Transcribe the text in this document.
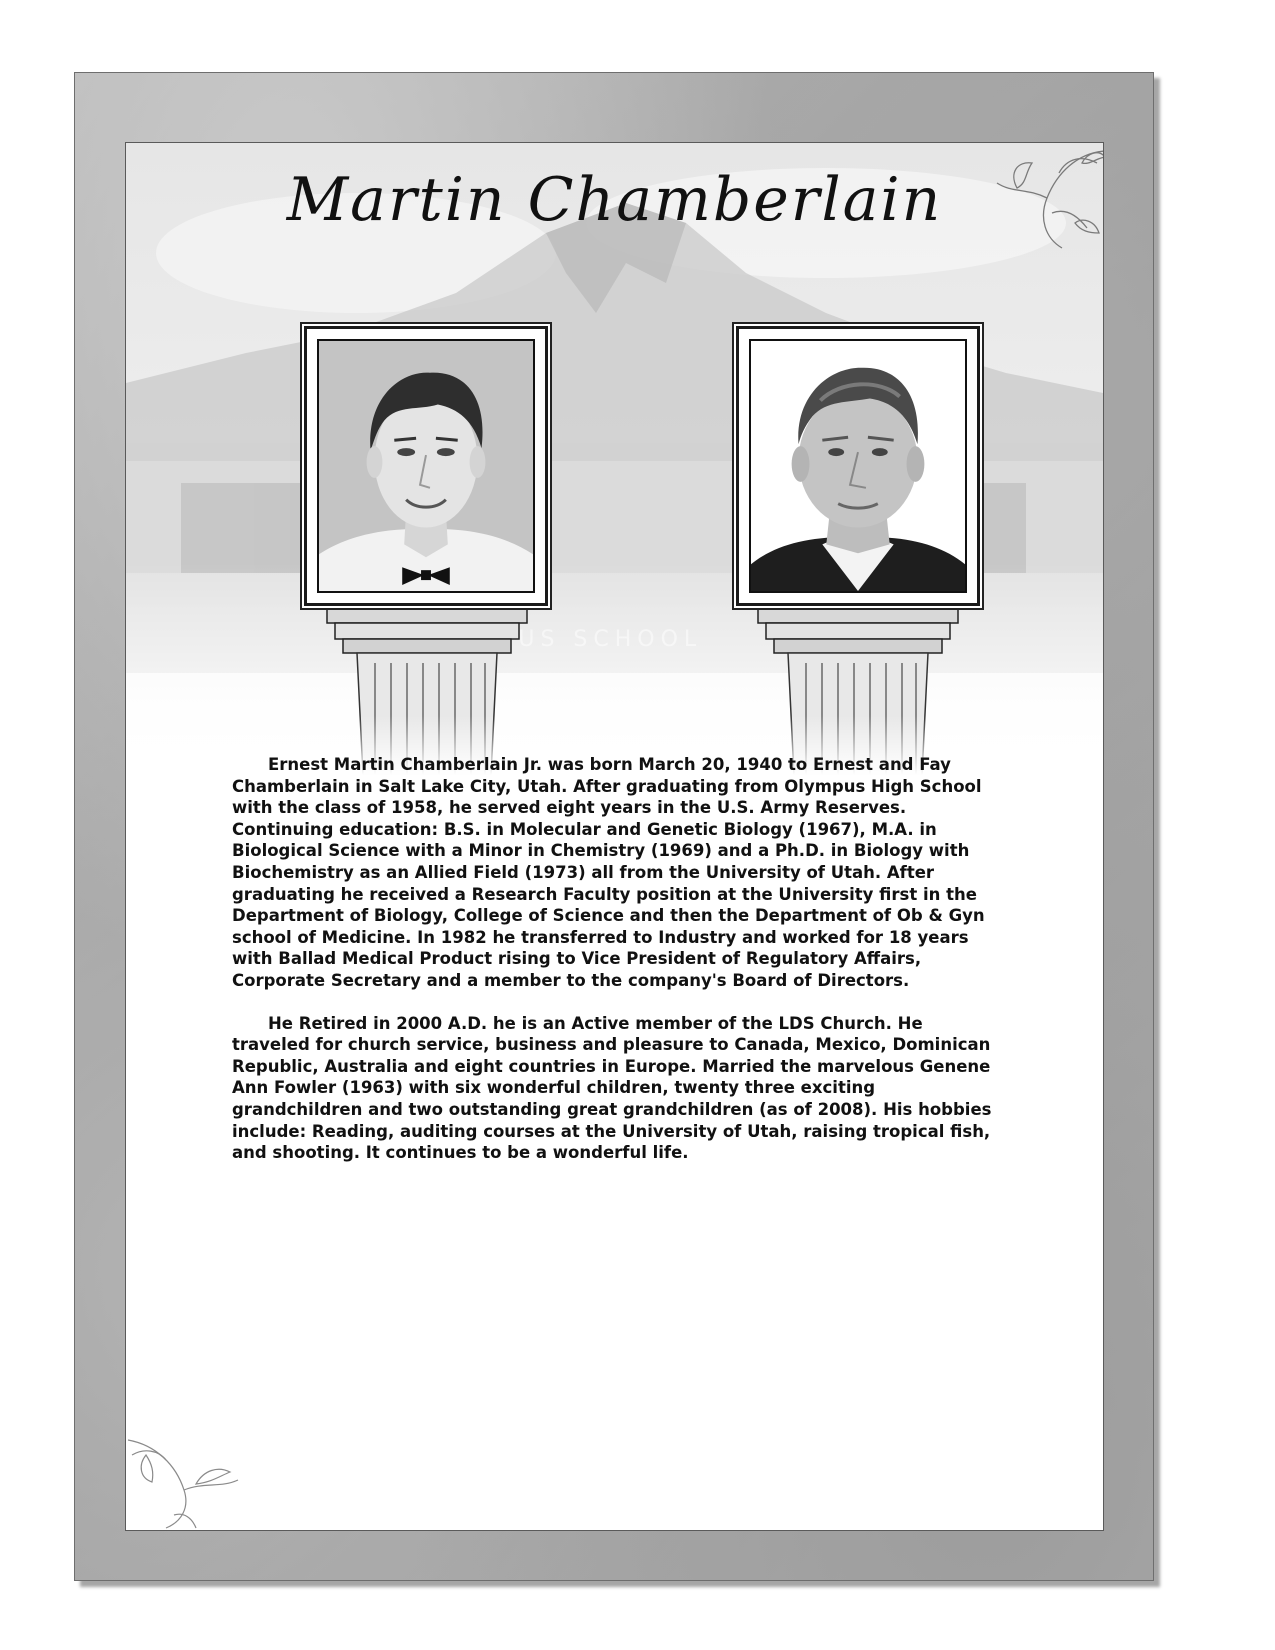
Martin Chamberlain

Ernest Martin Chamberlain Jr. was born March 20, 1940 to Ernest and Fay Chamberlain in Salt Lake City, Utah. After graduating from Olympus High School with the class of 1958, he served eight years in the U.S. Army Reserves. Continuing education: B.S. in Molecular and Genetic Biology (1967), M.A. in Biological Science with a Minor in Chemistry (1969) and a Ph.D. in Biology with Biochemistry as an Allied Field (1973) all from the University of Utah. After graduating he received a Research Faculty position at the University first in the Department of Biology, College of Science and then the Department of Ob & Gyn school of Medicine. In 1982 he transferred to Industry and worked for 18 years with Ballad Medical Product rising to Vice President of Regulatory Affairs, Corporate Secretary and a member to the company's Board of Directors.

He Retired in 2000 A.D. he is an Active member of the LDS Church. He traveled for church service, business and pleasure to Canada, Mexico, Dominican Republic, Australia and eight countries in Europe. Married the marvelous Genene Ann Fowler (1963) with six wonderful children, twenty three exciting grandchildren and two outstanding great grandchildren (as of 2008). His hobbies include: Reading, auditing courses at the University of Utah, raising tropical fish, and shooting. It continues to be a wonderful life.
